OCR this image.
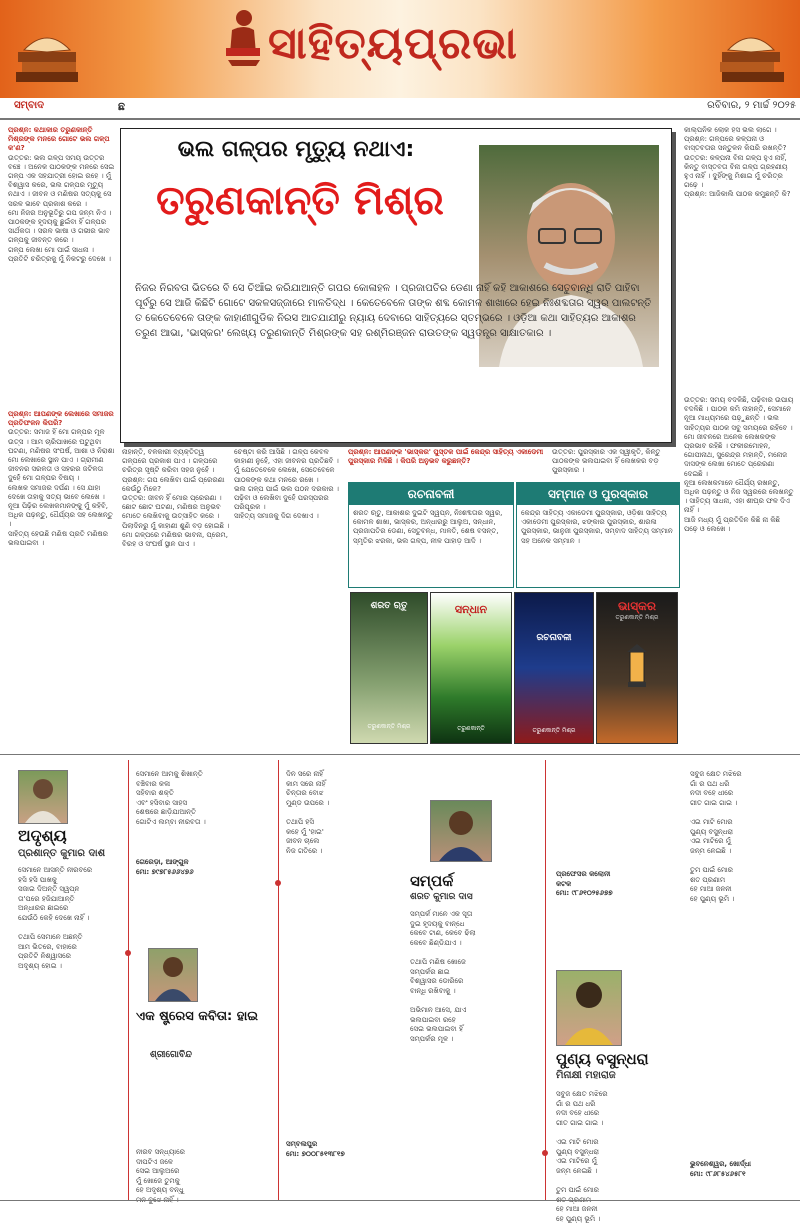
ସାହିତ୍ୟପ୍ରଭା
ସମ୍ବାଦ	ଛ	ରବିବାର, ୨ ମାର୍ଚ୍ଚ ୨୦୨୫

ପ୍ରଶ୍ନ: କଥାକାର ତରୁଣକାନ୍ତି ମିଶ୍ରଙ୍କ ମନରେ ଗୋଟେ ଭଲ ଗଳ୍ପ କ'ଣ?

ଉତ୍ତର: ଭଲ ଗଳ୍ପ ସମୟ ଉତ୍ତର ବଞ୍ଚେ । ଅନେକ ପାଠକଙ୍କ ମନରେ ସେଇ ଗଳ୍ପ ଏକ ସହଯାତ୍ରୀ ହୋଇ ରହେ । ମୁଁ ବିଶ୍ୱାସ କରେ, ଭଲ ଗଳ୍ପର ମୃତ୍ୟୁ ନଥାଏ । ଜୀବନ ଓ ମଣିଷର ସତ୍ୟକୁ ସେ ସରଳ ଭାବେ ପ୍ରକାଶ କରେ ।
ମୋ ନିଜର ଅନୁଭୂତିରୁ ଗପ ଜନ୍ମ ନିଏ । ପାଠକଙ୍କ ହୃଦୟକୁ ଛୁଇଁବା ହିଁ ଗଳ୍ପର ସାର୍ଥକତା । ସରଳ ଭାଷା ଓ ଗଭୀର ଭାବ ଗଳ୍ପକୁ ଜୀବନ୍ତ କରେ ।
ଗଳ୍ପ ଲେଖା ମୋ ପାଇଁ ସାଧନା । ପ୍ରତିଟି ଚରିତ୍ରକୁ ମୁଁ ନିକଟରୁ ଦେଖେ ।

ଭଲ ଗଳ୍ପର ମୃତ୍ୟୁ ନଥାଏ:
ତରୁଣକାନ୍ତି ମିଶ୍ର
ନିଜର ନିରବତା ଭିତରେ ବି ସେ ଚିଆଁଇ କରିଯାଆନ୍ତି ଗପର କୋଳାହଳ । ପ୍ରଜାପତିର ଡେଣା ନାହିଁ କହି ଆକାଶରେ ସେତୁବାନ୍ଧି ରାତି ପାହିବା ପୂର୍ବରୁ ସେ ଆଜି କିଛିଟି ଗୋଟେ ସକଳସଜ୍ଜାରେ ମାଳତିଦ୍ଧ । କେତେବେଳେ ତାଙ୍କ ଶବ୍ଦ କୋମଳ ଶାଖାରେ ହେଇ ନିଃଶବ୍ଦତାର ସ୍ୱର ପାଲଟନ୍ତି ତ କେତେବେଳେ ତାଙ୍କ କାହାଣୀଗୁଡିକ ନିରସ ଆତଯାଯୀରୁ ନ୍ୟାୟ ଦେବାରେ ସାହିତ୍ୟରେ ସ୍ତମ୍ଭରେ । ଓଡ଼ିଆ କଥା ସାହିତ୍ୟର ଆକାଶର ତରୁଣ ଆଭା, 'ଭାସ୍କର' ଲେଖ୍ୟ ତରୁଣକାନ୍ତି ମିଶ୍ରଙ୍କ ସହ ରଶ୍ମିରଞ୍ଜନ ରାଉତଙ୍କ ସ୍ୱତନ୍ତ୍ର ସାକ୍ଷାତକାର ।

କାଲ୍ପନିକ ଲୋକ ହସ ଭଲ ଲାଗେ ।
ପ୍ରଶ୍ନ: ଗଳ୍ପରେ କଳ୍ପନା ଓ ବାସ୍ତବତାର ସନ୍ତୁଳନ କିପରି ରଖନ୍ତି?
ଉତ୍ତର: କଳ୍ପନା ବିନା ଗଳ୍ପ ହୁଏ ନାହିଁ, କିନ୍ତୁ ବାସ୍ତବତା ବିନା ଗଳ୍ପ ଗ୍ରହଣୀୟ ହୁଏ ନାହିଁ । ଦୁହିଁଙ୍କୁ ମିଶାଇ ମୁଁ ଚରିତ୍ର ଗଢ଼େ ।
ପ୍ରଶ୍ନ: ଆଜିକାଲି ପାଠକ କମୁଛନ୍ତି କି?

ଉତ୍ତର: ସମୟ ବଦଳିଛି, ପଢ଼ିବାର ଉପାୟ ବଦଳିଛି । ପାଠକ କମି ନାହାନ୍ତି, ସେମାନେ ନୂଆ ମାଧ୍ୟମରେ ପଢ଼ୁଛନ୍ତି । ଭଲ ସାହିତ୍ୟର ପାଠକ ସବୁ ସମୟରେ ରହିବେ ।
ମୋ ଜୀବନରେ ଅନେକ ଲେଖକଙ୍କ ପ୍ରଭାବ ରହିଛି । ଫକୀରମୋହନ, ଗୋପୀନାଥ, ସୁରେନ୍ଦ୍ର ମହାନ୍ତି, ମନୋଜ ଦାସଙ୍କ ଲେଖା ମୋତେ ପ୍ରେରଣା ଦେଇଛି ।
ନୂଆ ଲେଖକମାନେ ଧୈର୍ଯ୍ୟ ରଖନ୍ତୁ, ଅଧିକ ପଢ଼ନ୍ତୁ ଓ ନିଜ ସ୍ୱରରେ ଲେଖନ୍ତୁ । ସାହିତ୍ୟ ସାଧନା, ଏହା ଶୀଘ୍ର ଫଳ ଦିଏ ନାହିଁ ।
ଆଜି ମଧ୍ୟ ମୁଁ ପ୍ରତିଦିନ କିଛି ନା କିଛି ପଢ଼େ ଓ ଲେଖେ ।

ପ୍ରଶ୍ନ: ଆପଣଙ୍କ ଲେଖାରେ ସମାଜର ପ୍ରତିଫଳନ କିପରି?

ଉତ୍ତର: ସମାଜ ହିଁ ମୋ ଗଳ୍ପର ମୂଳ ଉତ୍ସ । ଆମ ଚାରିପାଖରେ ଘଟୁଥିବା ଘଟଣା, ମଣିଷର ସଂଘର୍ଷ, ଆଶା ଓ ନିରାଶା ମୋ ଲେଖାରେ ସ୍ଥାନ ପାଏ । ଗ୍ରାମୀଣ ଜୀବନର ସରଳତା ଓ ସହରର ଜଟିଳତା ଦୁହେଁ ମୋ ଗଳ୍ପର ବିଷୟ ।
ଲେଖକ ସମାଜର ଦର୍ପଣ । ସେ ଯାହା ଦେଖେ ତାହାକୁ ସତ୍ୟ ଭାବେ ଲେଖେ । ନୂଆ ପିଢ଼ିର ଲେଖକମାନଙ୍କୁ ମୁଁ କହିବି, ଅଧିକ ପଢ଼ନ୍ତୁ, ଧୈର୍ଯ୍ୟର ସହ ଲେଖନ୍ତୁ ।
ସାହିତ୍ୟ ହେଉଛି ମଣିଷ ପ୍ରତି ମଣିଷର ଭଲପାଇବା ।

ନାହାନ୍ତି, ବଳକାରୀ ବ୍ୟକ୍ତିତ୍ୱ ଗଳ୍ପରେ ପ୍ରକାଶ ପାଏ । ଗଳ୍ପରେ ଚରିତ୍ର ସୃଷ୍ଟି କରିବା ସହଜ ନୁହେଁ ।
ପ୍ରଶ୍ନ: ଗପ ଲେଖିବା ପାଇଁ ପ୍ରେରଣା କେଉଁଠୁ ମିଳେ?
ଉତ୍ତର: ଜୀବନ ହିଁ ମୋର ପ୍ରେରଣା । ଛୋଟ ଛୋଟ ଘଟଣା, ମଣିଷର ଅନୁଭବ ମୋତେ ଲେଖିବାକୁ ଉତ୍ସାହିତ କରେ । ପିଲାଦିନରୁ ମୁଁ କାହାଣୀ ଶୁଣି ବଡ଼ ହୋଇଛି ।
ମୋ ଗଳ୍ପରେ ମଣିଷର ଭାବନା, ପ୍ରେମ, ବିରହ ଓ ସଂଘର୍ଷ ସ୍ଥାନ ପାଏ ।

ଚେଷ୍ଟା କରି ଆସିଛି । ଗଳ୍ପ କେବଳ କାହାଣୀ ନୁହେଁ, ଏହା ଜୀବନର ପ୍ରତିଛବି । ମୁଁ ଯେତେବେଳେ ଲେଖେ, ସେତେବେଳେ ପାଠକଙ୍କ କଥା ମନରେ ରଖେ ।
ଭଲ ଗଳ୍ପ ପାଇଁ ଭଲ ପଠନ ଦରକାର । ପଢ଼ିବା ଓ ଲେଖିବା ଦୁହେଁ ପରସ୍ପରର ପରିପୂରକ ।
ସାହିତ୍ୟ ସମାଜକୁ ଦିଗ ଦେଖାଏ ।

ପ୍ରଶ୍ନ: ଆପଣଙ୍କ 'ଭାସ୍କର' ପୁସ୍ତକ ପାଇଁ କେନ୍ଦ୍ର ସାହିତ୍ୟ ଏକାଡେମୀ ପୁରସ୍କାର ମିଳିଛି । କିପରି ଅନୁଭବ କରୁଛନ୍ତି?

ଉତ୍ତର: ପୁରସ୍କାର ଏକ ସ୍ୱୀକୃତି, କିନ୍ତୁ ପାଠକଙ୍କ ଭଲପାଇବା ହିଁ ଲେଖକର ବଡ଼ ପୁରସ୍କାର ।

ରଚନାବଳୀ

ଶରତ ଋତୁ, ଆକାଶର ଦୁଇଟି ସ୍ୱପ୍ନ, ନିଃଶବ୍ଦତାର ସ୍ୱର, କୋମଳ ଶାଖା, ଭାସ୍କର, ଅନ୍ଧାରରୁ ଆଲୁଅ, ସନ୍ଧାନ, ପ୍ରଜାପତିର ଡେଣା, ସେତୁବନ୍ଧ, ମାଳତି, ଶେଷ ବସନ୍ତ, ସ୍ମୃତିର ଝରକା, ଭଲ ଗଳ୍ପ, ନୀଳ ପାହାଡ଼ ଆଦି ।

ସମ୍ମାନ ଓ ପୁରସ୍କାର

କେନ୍ଦ୍ର ସାହିତ୍ୟ ଏକାଡେମୀ ପୁରସ୍କାର, ଓଡ଼ିଶା ସାହିତ୍ୟ ଏକାଡେମୀ ପୁରସ୍କାର, ଝଙ୍କାର ପୁରସ୍କାର, ଶାରଳା ପୁରସ୍କାର, ଭାନୁଜୀ ପୁରସ୍କାର, ସମ୍ବାଦ ସାହିତ୍ୟ ସମ୍ମାନ ସହ ଅନେକ ସମ୍ମାନ ।

ଶରତ ଋତୁ
ତରୁଣକାନ୍ତି ମିଶ୍ର
ସନ୍ଧାନ
ତରୁଣକାନ୍ତି
ରଚନାବଳୀ
ତରୁଣକାନ୍ତି ମିଶ୍ର
ଭାସ୍କର
ତରୁଣକାନ୍ତି ମିଶ୍ର
ଅଦୃଶ୍ୟ
ପ୍ରଶାନ୍ତ କୁମାର ଦାଶ

ସେମାନେ ଆସନ୍ତି ନୀରବରେ
ହସି ହସି ପାଖକୁ
ସଜାଇ ଦିଅନ୍ତି ସ୍ୱପ୍ନ
ତା'ପରେ ହଜିଯାଆନ୍ତି
ଅନ୍ଧାରର ଛାଇରେ
ଯେଉଁଠି କେହି ଦେଖେ ନାହିଁ ।

ତଥାପି ସେମାନେ ଅଛନ୍ତି
ଆମ ଭିତରେ, ବାହାରେ
ପ୍ରତିଟି ନିଶ୍ୱାସରେ
ଅଦୃଶ୍ୟ ହୋଇ ।

ସେମାନେ ଆମକୁ ଶିଖାନ୍ତି
ବଞ୍ଚିବାର କଳା
ସହିବାର ଶକ୍ତି
ଏବଂ ହସିବାର ସାହସ
ଶେଷରେ ଛାଡ଼ିଯାଆନ୍ତି
ଗୋଟିଏ ଲମ୍ବା ନୀରବତା ।

ଗେରେଡ଼ା, ଆଙ୍ଗୁଳ
ମୋ: ୭୯୭୮୫୬୬୪୭୬

ନୀରବ ସନ୍ଧ୍ୟାରେ
ଦୀପଟିଏ ଜଳେ
ସେଇ ଆଲୁଅରେ
ମୁଁ ଖୋଜେ ତୁମକୁ
ହେ ଅଦୃଶ୍ୟ ବନ୍ଧୁ

ଏକ ଷ୍ଟ୍ରେସ କବିତା: ହାଇ
ଶ୍ରୀଗୋବିନ୍ଦ

ଦିନ ସରେ ନାହିଁ
କାମ ସରେ ନାହିଁ
ଚିନ୍ତାର ବୋଝ
ମୁଣ୍ଡ ଉପରେ ।

ତଥାପି ହସି
କହେ ମୁଁ 'ହାଇ'
ଜୀବନ ଚାଲେ
ନିଜ ଗତିରେ ।

ସମ୍ବଲପୁର
ମୋ: ୭୦୦୮୫୧୩୮୧୭

ସମ୍ପର୍କ
ଶରତ କୁମାର ଦାସ

ସମ୍ପର୍କ ମାନେ ଏକ ସୂତା
ଦୁଇ ହୃଦୟକୁ ବାନ୍ଧେ
କେବେ ଟାଣ, କେବେ ଢିଲା
କେବେ ଛିଣ୍ଡିଯାଏ ।

ତଥାପି ମଣିଷ ଖୋଜେ
ସମ୍ପର୍କର ଛାଇ
ବିଶ୍ୱାସର ଡୋରିରେ
ବାନ୍ଧି ରଖିବାକୁ ।

ଅଭିମାନ ଆସେ, ଯାଏ
ଭଲପାଇବା ରହେ
ସେଇ ଭଲପାଇବା ହିଁ
ସମ୍ପର୍କର ମୂଳ ।

ପ୍ରଫେସର କଲୋନୀ
କଟକ
ମୋ: ୯୮୬୧୦୨୫୬୭୭

ପୁଣ୍ୟ ବସୁନ୍ଧରା
ମିନାକ୍ଷୀ ମହାରାଜ

ସବୁଜ କ୍ଷେତ ମଝିରେ
ଗାଁ ର ପଥ ଧରି
ନଦୀ ବହେ ଧୀରେ
ଗୀତ ଗାଇ ଗାଇ ।

ଏଇ ମାଟି ମୋର
ପୁଣ୍ୟ ବସୁନ୍ଧରା
ଏଇ ମାଟିରେ ମୁଁ
ଜନ୍ମ ନେଇଛି ।

ତୁମ ପାଇଁ ମୋର
ଶତ ପ୍ରଣାମ
ହେ ମାଆ ଜନନୀ
ହେ ପୁଣ୍ୟ ଭୂମି ।

ସବୁଜ କ୍ଷେତ ମଝିରେ
ଗାଁ ର ପଥ ଧରି
ନଦୀ ବହେ ଧୀରେ
ଗୀତ ଗାଇ ଗାଇ ।

ଏଇ ମାଟି ମୋର
ପୁଣ୍ୟ ବସୁନ୍ଧରା
ଏଇ ମାଟିରେ ମୁଁ
ଜନ୍ମ ନେଇଛି ।

ତୁମ ପାଇଁ ମୋର

ହେ ମାଆ ଜନନୀ
ହେ ପୁଣ୍ୟ ଭୂମି ।

ଭୁବନେଶ୍ୱର, ଖୋର୍ଦ୍ଧା
ମୋ: ୯୮୬୮୫୪୬୫୮୧
